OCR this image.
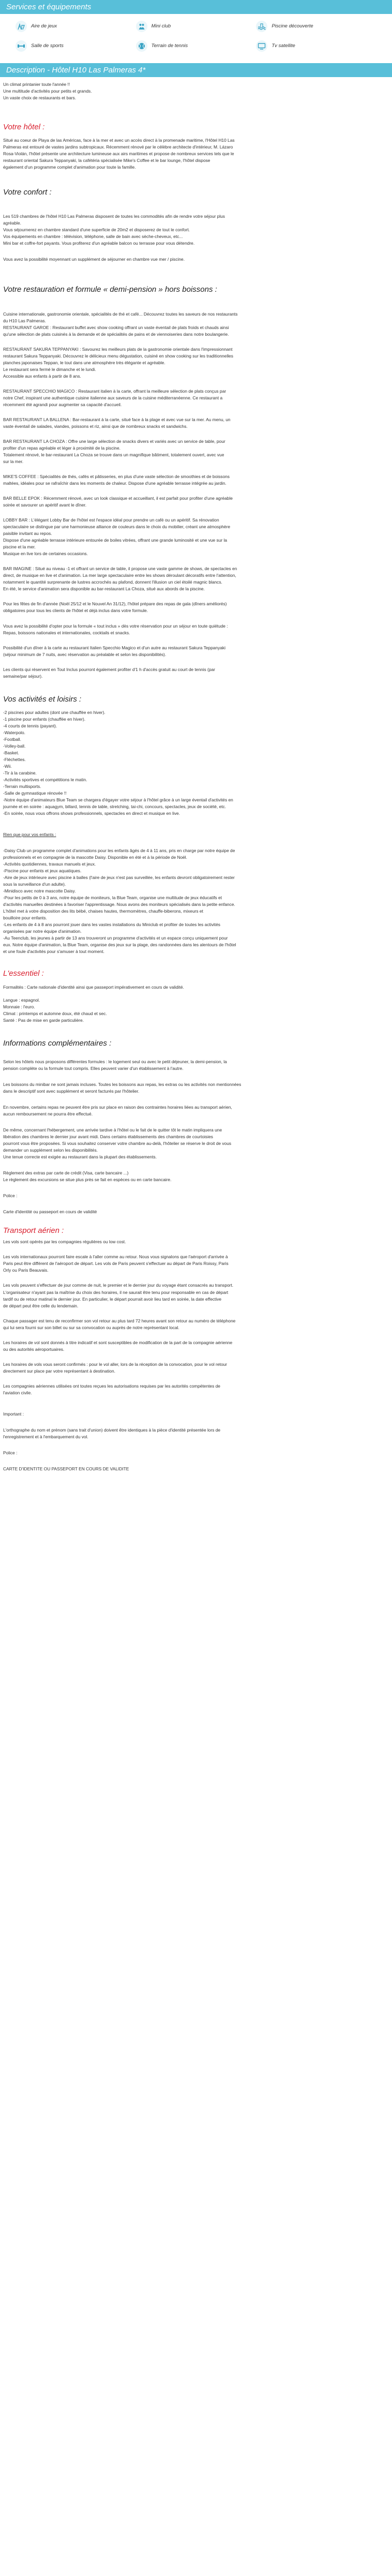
Services et équipements
Aire de jeux	Mini club	Piscine découverte
Salle de sports	Terrain de tennis	Tv satellite
Description - Hôtel H10 Las Palmeras 4*
Un climat printanier toute l'année !!
Une multitude d'activités pour petits et grands.
Un vaste choix de restaurants et bars.
Votre hôtel :
Situé au coeur de Playa de las Américas, face à la mer et avec un accès direct à la promenade maritime, l'Hôtel H10 Las
Palmeras est entouré de vastes jardins subtropicaux. Récemment rénové par le célèbre architecte d'intérieur, M. Lázaro
Rosa-Violán, l'hôtel présente une architecture lumineuse aux airs maritimes et propose de nombreux services tels que le
restaurant oriental Sakura Teppanyaki, la cafétéria spécialisée Mike's Coffee et le bar lounge, l'hôtel dispose
également d'un programme complet d'animation pour toute la famille.
Votre confort :
Les 519 chambres de l'hôtel H10 Las Palmeras disposent de toutes les commodités afin de rendre votre séjour plus
agréable.
Vous séjournerez en chambre standard d'une superficie de 20m2 et disposerez de tout le confort.
Vos équipements en chambre : télévision, téléphone, salle de bain avec sèche-cheveux, etc...
Mini bar et coffre-fort payants. Vous profiterez d'un agréable balcon ou terrasse pour vous détendre.
Vous avez la possibilité moyennant un supplément de séjourner en chambre vue mer / piscine.
Votre restauration et formule « demi-pension » hors boissons :
Cuisine internationale, gastronomie orientale, spécialités de thé et café... Découvrez toutes les saveurs de nos restaurants
du H10 Las Palmeras.
RESTAURANT GAROE : Restaurant buffet avec show cooking offrant un vaste éventail de plats froids et chauds ainsi
qu'une sélection de plats cuisinés à la demande et de spécialités de pains et de viennoiseries dans notre boulangerie.
RESTAURANT SAKURA TEPPANYAKI : Savourez les meilleurs plats de la gastronomie orientale dans l'impressionnant
restaurant Sakura Teppanyaki. Découvrez le délicieux menu dégustation, cuisiné en show cooking sur les traditionnelles
planches japonaises Teppan, le tout dans une atmosphère très élégante et agréable.
Le restaurant sera fermé le dimanche et le lundi.
Accessible aux enfants à partir de 8 ans.
RESTAURANT SPECCHIO MAGICO : Restaurant italien à la carte, offrant la meilleure sélection de plats conçus par
notre Chef, inspirant une authentique cuisine italienne aux saveurs de la cuisine méditerranéenne. Ce restaurant a
récemment été agrandi pour augmenter sa capacité d'accueil.
BAR RESTAURANT LA BALLENA : Bar-restaurant à la carte, situé face à la plage et avec vue sur la mer. Au menu, un
vaste éventail de salades, viandes, poissons et riz, ainsi que de nombreux snacks et sandwichs.
BAR RESTAURANT LA CHOZA : Offre une large sélection de snacks divers et variés avec un service de table, pour
profiter d'un repas agréable et léger à proximité de la piscine.
Totalement rénové, le bar-restaurant La Choza se trouve dans un magnifique bâtiment, totalement ouvert, avec vue
sur la mer.
MIKE'S COFFEE : Spécialités de thés, cafés et pâtisseries, en plus d'une vaste sélection de smoothies et de boissons
maltées, idéales pour se rafraîchir dans les moments de chaleur. Dispose d'une agréable terrasse intégrée au jardin.
BAR BELLE EPOK : Récemment rénové, avec un look classique et accueillant, il est parfait pour profiter d'une agréable
soirée et savourer un apéritif avant le dîner.
LOBBY BAR : L'élégant Lobby Bar de l'hôtel est l'espace idéal pour prendre un café ou un apéritif. Sa rénovation
spectaculaire se distingue par une harmonieuse alliance de couleurs dans le choix du mobilier, créant une atmosphère
paisible invitant au repos.
Dispose d'une agréable terrasse intérieure entourée de boiles vitrées, offrant une grande luminosité et une vue sur la
piscine et la mer.
Musique en live lors de certaines occasions.
BAR IMAGINE : Situé au niveau -1 et offrant un service de table, il propose une vaste gamme de shows, de spectacles en
direct, de musique en live et d'animation. La mer large spectaculaire entre les shows déroulant décoratifs entre l'attention,
notamment le quantité surprenante de lustres accrochés au plafond, donnent l'illusion un ciel étoilé magnic blancs.
En été, le service d'animation sera disponible au bar-restaurant La Choza, situé aux abords de la piscine.
Pour les fêtes de fin d'année (Noël 25/12 et le Nouvel An 31/12), l'hôtel prépare des repas de gala (dîners améliorés)
obligatoires pour tous les clients de l'hôtel et déjà inclus dans votre formule.
Vous avez la possibilité d'opter pour la formule « tout inclus » dès votre réservation pour un séjour en toute quiétude :
Repas, boissons nationales et internationales, cocktails et snacks.
Possibilité d'un dîner à la carte au restaurant Italien Specchio Magico et d'un autre au restaurant Sakura Teppanyaki
(séjour minimum de 7 nuits, avec réservation au préalable et selon les disponibilités).
Les clients qui réservent en Tout Inclus pourront également profiter d'1 h d'accès gratuit au court de tennis (par
semaine/par séjour).
Vos activités et loisirs :
-2 piscines pour adultes (dont une chauffée en hiver).
-1 piscine pour enfants (chauffée en hiver).
-4 courts de tennis (payant).
-Waterpolo.
-Football.
-Volley-ball.
-Basket.
-Fléchettes.
-Wii.
-Tir à la carabine.
-Activités sportives et compétitions le matin.
-Terrain multisports.
-Salle de gymnastique rénovée !!
-Notre équipe d'animateurs Blue Team se chargera d'égayer votre séjour à l'hôtel grâce à un large éventail d'activités en
journée et en soirée : aquagym, billard, tennis de table, stretching, tai-chi, concours, spectacles, jeux de société, etc.
-En soirée, nous vous offrons shows professionnels, spectacles en direct et musique en live.
Rien que pour vos enfants :
-Daisy Club un programme complet d'animations pour les enfants âgés de 4 à 11 ans, pris en charge par notre équipe de
professionnels et en compagnie de la mascotte Daisy. Disponible en été et à la période de Noël.
-Activités quotidiennes, travaux manuels et jeux.
-Piscine pour enfants et jeux aquatiques.
-Aire de jeux intérieure avec piscine à balles (l'aire de jeux n'est pas surveillée, les enfants devront obligatoirement rester
sous la surveillance d'un adulte).
-Minidisco avec notre mascotte Daisy.
-Pour les petits de 0 à 3 ans, notre équipe de moniteurs, la Blue Team, organise une multitude de jeux éducatifs et
d'activités manuelles destinées à favoriser l'apprentissage. Nous avons des moniteurs spécialisés dans la petite enfance.
L'hôtel met à votre disposition des lits bébé, chaises hautes, thermomètres, chauffe-biberons, mixeurs et
bouilloire pour enfants.
-Les enfants de 4 à 8 ans pourront jouer dans les vastes installations du Miniclub et profiter de toutes les activités
organisées par notre équipe d'animation.
-Au Teenclub, les jeunes à partir de 13 ans trouveront un programme d'activités et un espace conçu uniquement pour
eux. Notre équipe d'animation, la Blue Team, organise des jeux sur la plage, des randonnées dans les alentours de l'hôtel
et une foule d'activités pour s'amuser à tout moment.
L'essentiel :
Formalités : Carte nationale d'identité ainsi que passeport impérativement en cours de validité.
Langue : espagnol.
Monnaie : l'euro.
Climat : printemps et automne doux, été chaud et sec.
Santé : Pas de mise en garde particulière.
Informations complémentaires :
Selon les hôtels nous proposons différentes formules : le logement seul ou avec le petit déjeuner, la demi-pension, la
pension complète ou la formule tout compris. Elles peuvent varier d'un établissement à l'autre.
Les boissons du minibar ne sont jamais incluses. Toutes les boissons aux repas, les extras ou les activités non mentionnées
dans le descriptif sont avec supplément et seront facturés par l'hôtelier.
En novembre, certains repas ne peuvent être pris sur place en raison des contraintes horaires liées au transport aérien,
aucun remboursement ne pourra être effectué.
De même, concernant l'hébergement, une arrivée tardive à l'hôtel ou le fait de le quitter tôt le matin impliquera une
libération des chambres le dernier jour avant midi. Dans certains établissements des chambres de courtoisies
pourront vous être proposées. Si vous souhaitez conserver votre chambre au-delà, l'hôtelier se réserve le droit de vous
demander un supplément selon les disponibilités.
Une tenue correcte est exigée au restaurant dans la plupart des établissements.
Règlement des extras par carte de crédit (Visa, carte bancaire ...)
Le règlement des excursions se situe plus près se fait en espèces ou en carte bancaire.
Police :
Carte d'identité ou passeport en cours de validité
Transport aérien :
Les vols sont opérés par les compagnies régulières ou low cost.
Les vols internationaux pourront faire escale à l'aller comme au retour. Nous vous signalons que l'aéroport d'arrivée à
Paris peut être différent de l'aéroport de départ. Les vols de Paris peuvent s'effectuer au départ de Paris Roissy, Paris
Orly ou Paris Beauvais.
Les vols peuvent s'effectuer de jour comme de nuit, le premier et le dernier jour du voyage étant consacrés au transport.
L'organisateur n'ayant pas la maîtrise du choix des horaires, il ne saurait être tenu pour responsable en cas de départ
tardif ou de retour matinal le dernier jour. En particulier, le départ pourrait avoir lieu tard en soirée, la date effective
de départ peut être celle du lendemain.
Chaque passager est tenu de reconfirmer son vol retour au plus tard 72 heures avant son retour au numéro de téléphone
qui lui sera fourni sur son billet ou sur sa convocation ou auprès de notre représentant local.
Les horaires de vol sont donnés à titre indicatif et sont susceptibles de modification de la part de la compagnie aérienne
ou des autorités aéroportuaires.
Les horaires de vols vous seront confirmés : pour le vol aller, lors de la réception de la convocation, pour le vol retour
directement sur place par votre représentant à destination.
Les compagnies aériennes utilisées ont toutes reçues les autorisations requises par les autorités compétentes de
l'aviation civile.
Important :
L'orthographe du nom et prénom (sans trait d'union) doivent être identiques à la pièce d'identité présentée lors de
l'enregistrement et à l'embarquement du vol.
Police :
CARTE D'IDENTITE OU PASSEPORT EN COURS DE VALIDITE
